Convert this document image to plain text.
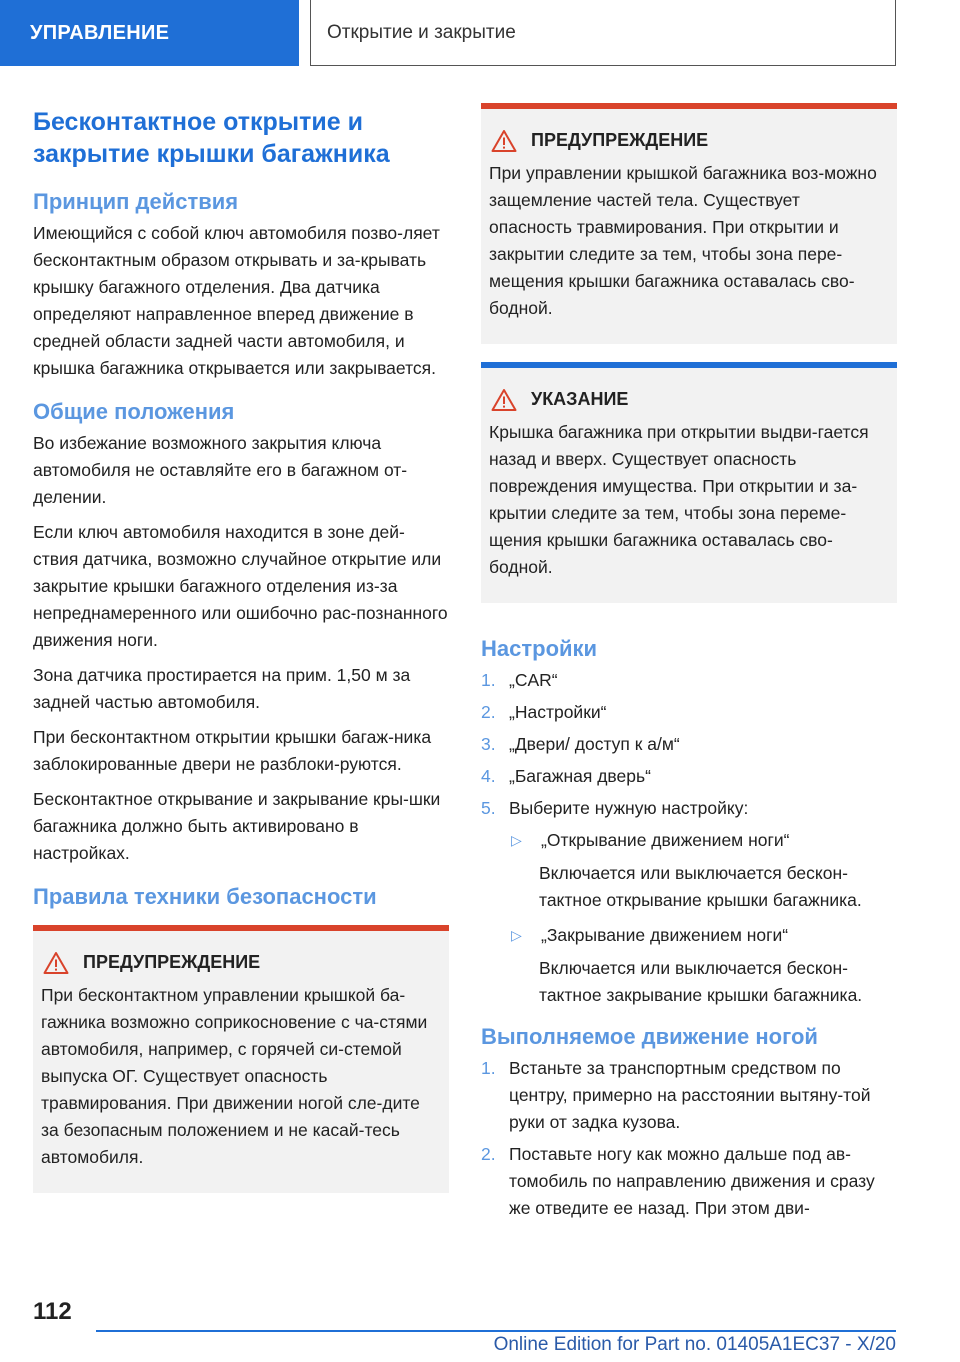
УПРАВЛЕНИЕ	Открытие и закрытие
Бесконтактное открытие и закрытие крышки багажника
Принцип действия

Имеющийся с собой ключ автомобиля позво-ляет бесконтактным образом открывать и за-крывать крышку багажного отделения. Два датчика определяют направленное вперед движение в средней области задней части автомобиля, и крышка багажника открывается или закрывается.

Общие положения

Во избежание возможного закрытия ключа автомобиля не оставляйте его в багажном от-делении.

Если ключ автомобиля находится в зоне дей-ствия датчика, возможно случайное открытие или закрытие крышки багажного отделения из-за непреднамеренного или ошибочно рас-познанного движения ноги.

Зона датчика простирается на прим. 1,50 м за задней частью автомобиля.

При бесконтактном открытии крышки багаж-ника заблокированные двери не разблоки-руются.

Бесконтактное открывание и закрывание кры-шки багажника должно быть активировано в настройках.

Правила техники безопасности
ПРЕДУПРЕЖДЕНИЕ

При бесконтактном управлении крышкой ба-гажника возможно соприкосновение с ча-стями автомобиля, например, с горячей си-стемой выпуска ОГ. Существует опасность травмирования. При движении ногой сле-дите за безопасным положением и не касай-тесь автомобиля.

ПРЕДУПРЕЖДЕНИЕ

При управлении крышкой багажника воз-можно защемление частей тела. Существует опасность травмирования. При открытии и закрытии следите за тем, чтобы зона пере-мещения крышки багажника оставалась сво-бодной.

УКАЗАНИЕ

Крышка багажника при открытии выдви-гается назад и вверх. Существует опасность повреждения имущества. При открытии и за-крытии следите за тем, чтобы зона переме-щения крышки багажника оставалась сво-бодной.

Настройки
1. „CAR“
2. „Настройки“
3. „Двери/ доступ к а/м“
4. „Багажная дверь“
5. Выберите нужную настройку:
▷	„Открывание движением ноги“
Включается или выключается бескон-тактное открывание крышки багажника.
▷	„Закрывание движением ноги“
Включается или выключается бескон-тактное закрывание крышки багажника.
Выполняемое движение ногой
1. Встаньте за транспортным средством по центру, примерно на расстоянии вытяну-той руки от задка кузова.
2. Поставьте ногу как можно дальше под ав-томобиль по направлению движения и сразу же отведите ее назад. При этом дви-
112
Online Edition for Part no. 01405A1EC37 - X/20
